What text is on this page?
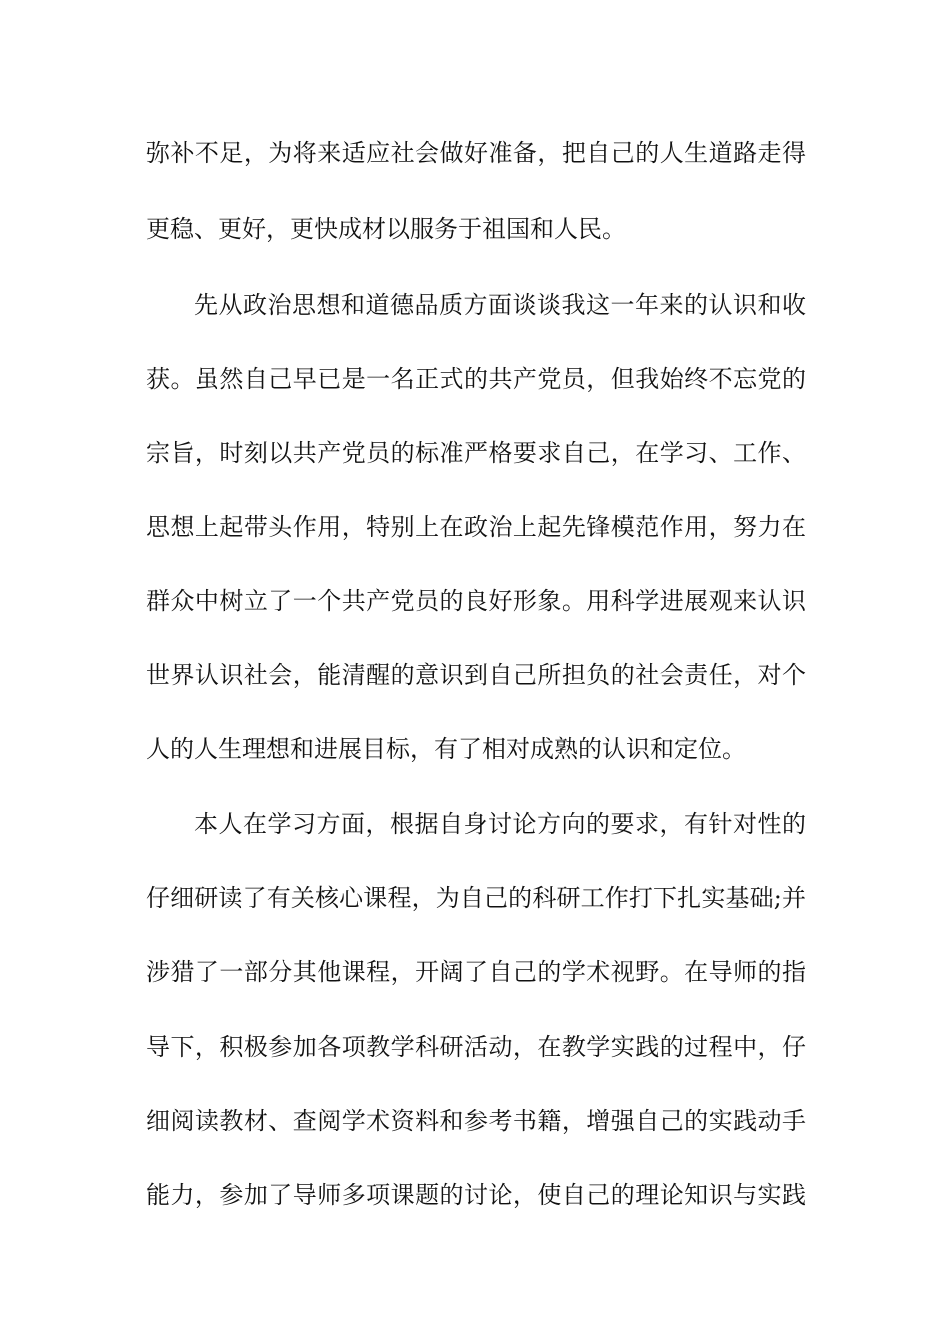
弥补不足，为将来适应社会做好准备，把自己的人生道路走得

更稳、更好，更快成材以服务于祖国和人民。

先从政治思想和道德品质方面谈谈我这一年来的认识和收

获。虽然自己早已是一名正式的共产党员，但我始终不忘党的

宗旨，时刻以共产党员的标准严格要求自己，在学习、工作、

思想上起带头作用，特别上在政治上起先锋模范作用，努力在

群众中树立了一个共产党员的良好形象。用科学进展观来认识

世界认识社会，能清醒的意识到自己所担负的社会责任，对个

人的人生理想和进展目标，有了相对成熟的认识和定位。

本人在学习方面，根据自身讨论方向的要求，有针对性的

仔细研读了有关核心课程，为自己的科研工作打下扎实基础;并

涉猎了一部分其他课程，开阔了自己的学术视野。在导师的指

导下，积极参加各项教学科研活动，在教学实践的过程中，仔

细阅读教材、查阅学术资料和参考书籍，增强自己的实践动手

能力，参加了导师多项课题的讨论，使自己的理论知识与实践
